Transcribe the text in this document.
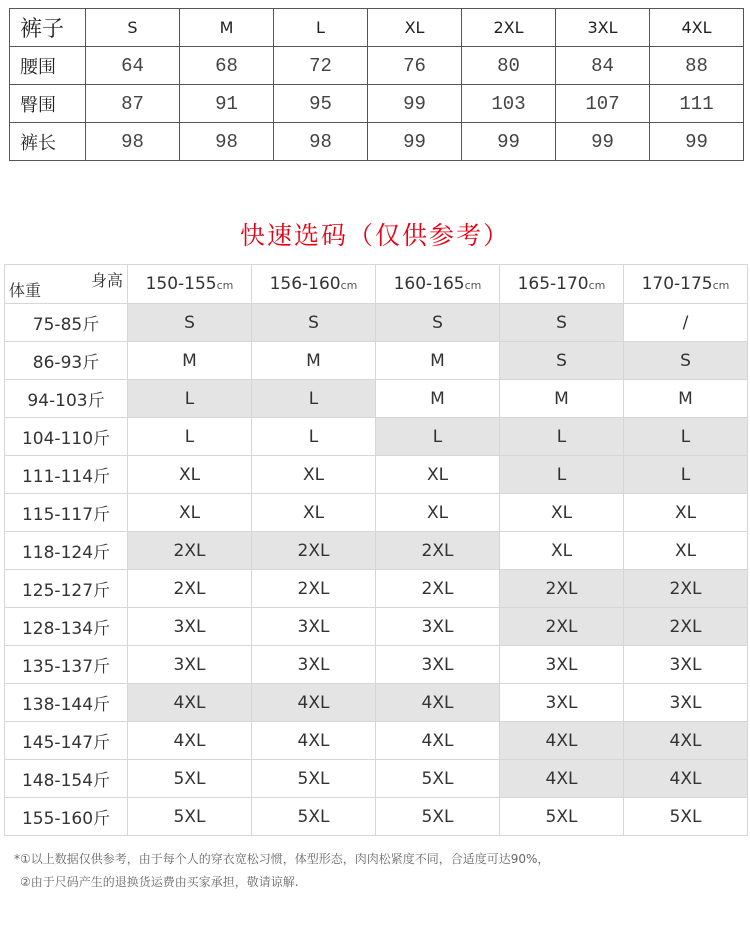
裤子	S	M	L	XL	2XL	3XL	4XL
腰围	64	68	72	76	80	84	88
臀围	87	91	95	99	103	107	111
裤长	98	98	98	99	99	99	99
快速选码（仅供参考）
身高
体重	150-155cm	156-160cm	160-165cm	165-170cm	170-175cm
75-85斤	S	S	S	S	/
86-93斤	M	M	M	S	S
94-103斤	L	L	M	M	M
104-110斤	L	L	L	L	L
111-114斤	XL	XL	XL	L	L
115-117斤	XL	XL	XL	XL	XL
118-124斤	2XL	2XL	2XL	XL	XL
125-127斤	2XL	2XL	2XL	2XL	2XL
128-134斤	3XL	3XL	3XL	2XL	2XL
135-137斤	3XL	3XL	3XL	3XL	3XL
138-144斤	4XL	4XL	4XL	3XL	3XL
145-147斤	4XL	4XL	4XL	4XL	4XL
148-154斤	5XL	5XL	5XL	4XL	4XL
155-160斤	5XL	5XL	5XL	5XL	5XL
*①以上数据仅供参考，由于每个人的穿衣宽松习惯，体型形态，肉肉松紧度不同，合适度可达90%，
②由于尺码产生的退换货运费由买家承担，敬请谅解.
